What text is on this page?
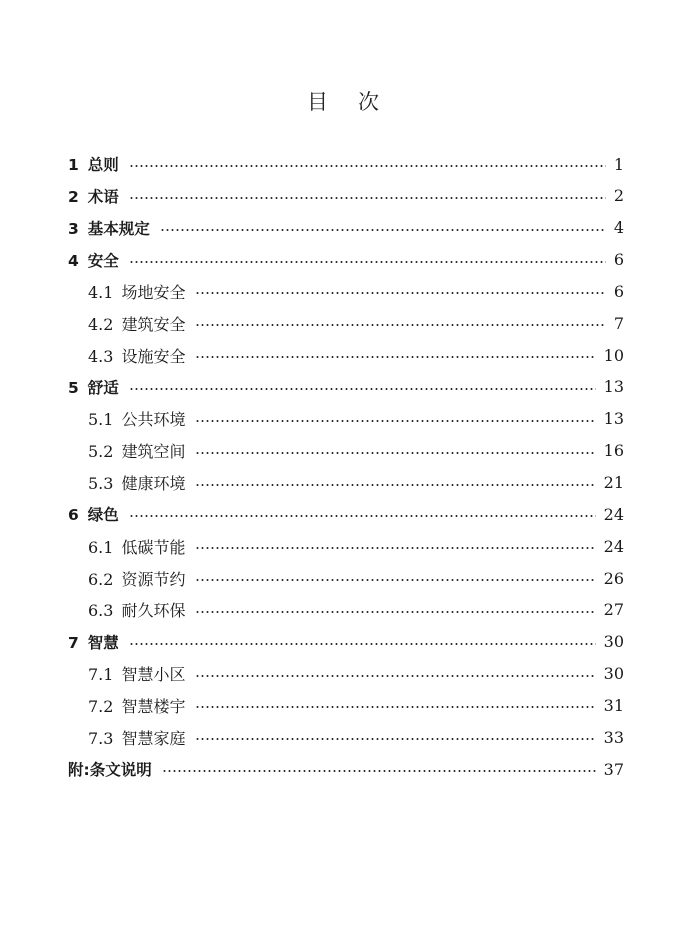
目 次
1 总则	1
2 术语	2
3 基本规定	4
4 安全	6
4.1 场地安全	6
4.2 建筑安全	7
4.3 设施安全	10
5 舒适	13
5.1 公共环境	13
5.2 建筑空间	16
5.3 健康环境	21
6 绿色	24
6.1 低碳节能	24
6.2 资源节约	26
6.3 耐久环保	27
7 智慧	30
7.1 智慧小区	30
7.2 智慧楼宇	31
7.3 智慧家庭	33
附:条文说明	37
